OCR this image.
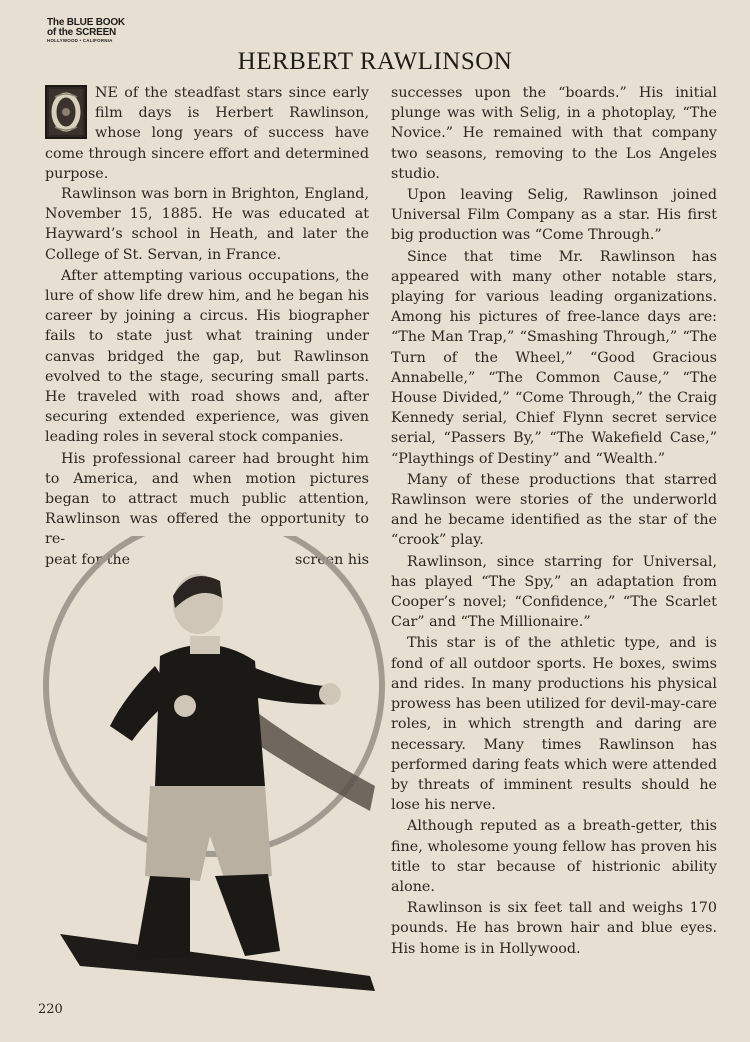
The BLUE BOOK
of the SCREEN
HOLLYWOOD • CALIFORNIA
HERBERT RAWLINSON

NE of the steadfast stars since early film days is Herbert Rawlinson, whose long years of success have come through sincere effort and determined purpose.

Rawlinson was born in Brighton, England, November 15, 1885. He was educated at Hayward’s school in Heath, and later the College of St. Servan, in France.

After attempting various occupations, the lure of show life drew him, and he began his career by joining a circus. His biographer fails to state just what training under canvas bridged the gap, but Rawlinson evolved to the stage, securing small parts. He traveled with road shows and, after securing extended experience, was given leading roles in several stock companies.

His professional career had brought him to America, and when motion pictures began to attract much public attention, Rawlinson was offered the opportunity to re-

peat for the	screen his

successes upon the “boards.” His initial plunge was with Selig, in a photoplay, “The Novice.” He remained with that company two seasons, removing to the Los Angeles studio.

Upon leaving Selig, Rawlinson joined Universal Film Company as a star. His first big production was “Come Through.”

Since that time Mr. Rawlinson has appeared with many other notable stars, playing for various leading organizations. Among his pictures of free-lance days are: “The Man Trap,” “Smashing Through,” “The Turn of the Wheel,” “Good Gracious Annabelle,” “The Common Cause,” “The House Divided,” “Come Through,” the Craig Kennedy serial, Chief Flynn secret service serial, “Passers By,” “The Wakefield Case,” “Playthings of Destiny” and “Wealth.”

Many of these productions that starred Rawlinson were stories of the underworld and he became identified as the star of the “crook” play.

Rawlinson, since starring for Universal, has played “The Spy,” an adaptation from Cooper’s novel; “Confidence,” “The Scarlet Car” and “The Millionaire.”

This star is of the athletic type, and is fond of all outdoor sports. He boxes, swims and rides. In many productions his physical prowess has been utilized for devil-may-care roles, in which strength and daring are necessary. Many times Rawlinson has performed daring feats which were attended by threats of imminent results should he lose his nerve.

Although reputed as a breath-getter, this fine, wholesome young fellow has proven his title to star because of histrionic ability alone.

Rawlinson is six feet tall and weighs 170 pounds. He has brown hair and blue eyes. His home is in Hollywood.

220
